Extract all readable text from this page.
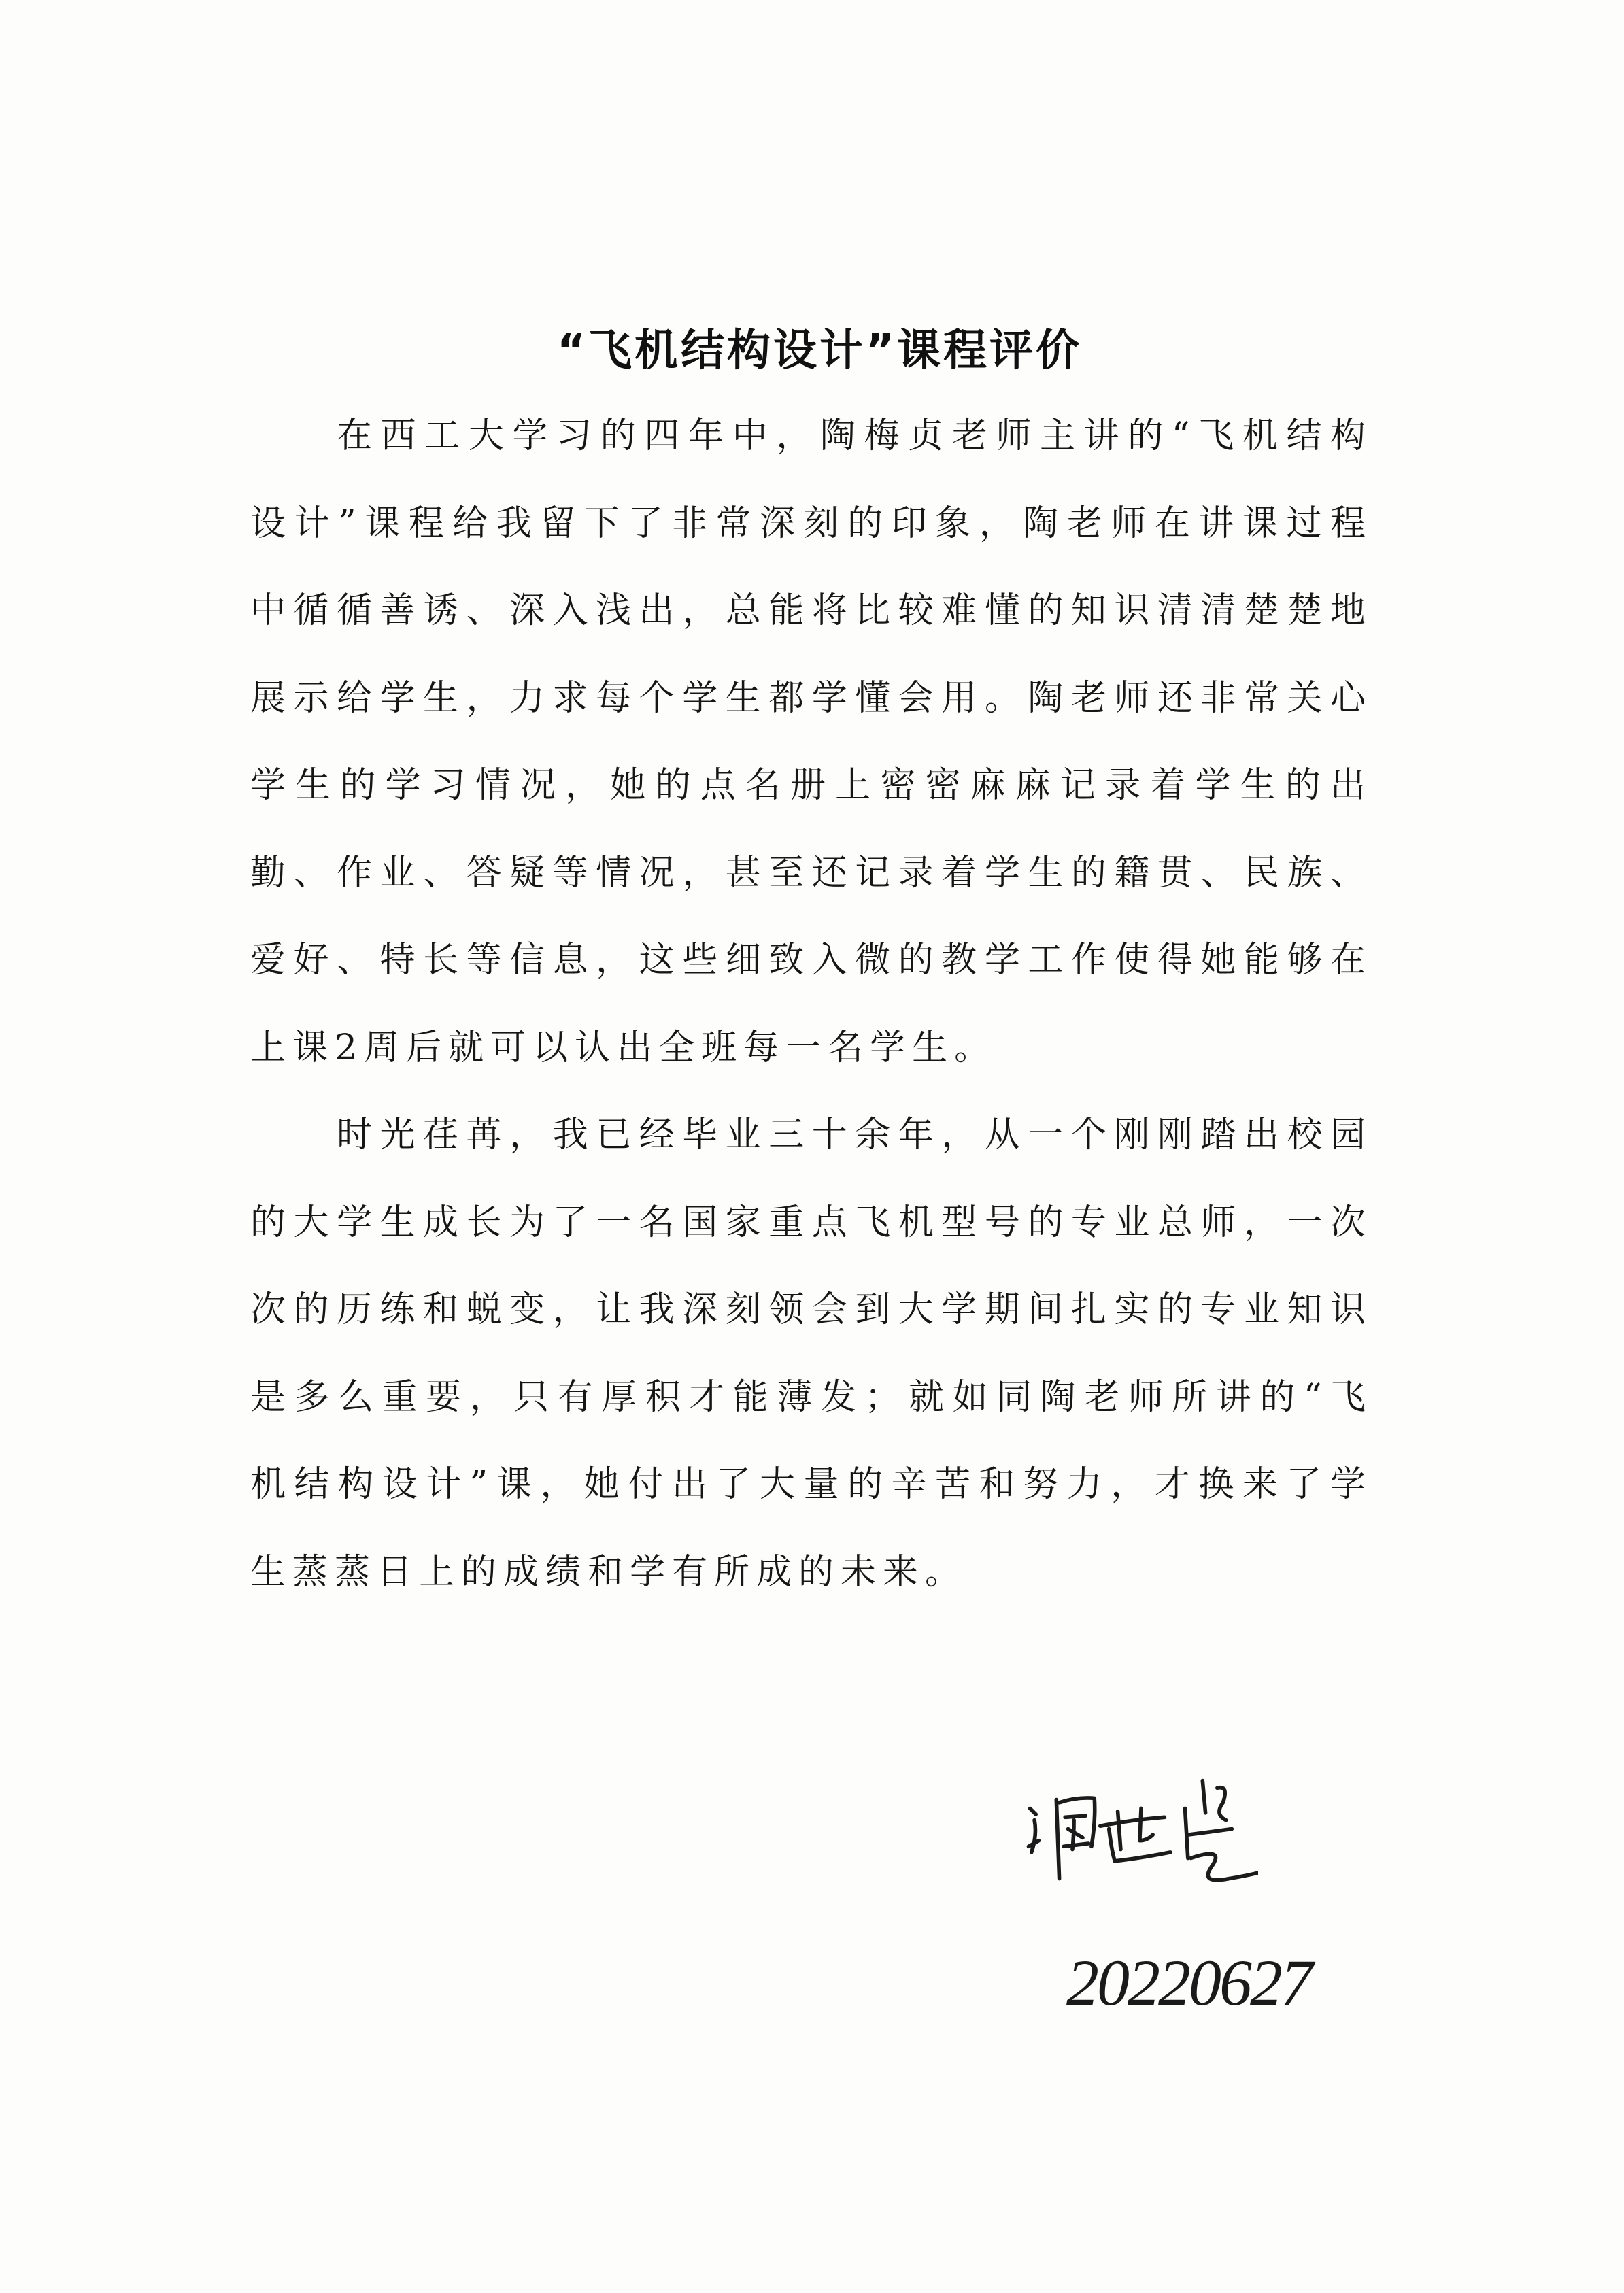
“飞机结构设计”课程评价
在西工大学习的四年中，陶梅贞老师主讲的“飞机结构
设计”课程给我留下了非常深刻的印象，陶老师在讲课过程
中循循善诱、深入浅出，总能将比较难懂的知识清清楚楚地
展示给学生，力求每个学生都学懂会用。陶老师还非常关心
学生的学习情况，她的点名册上密密麻麻记录着学生的出
勤、作业、答疑等情况，甚至还记录着学生的籍贯、民族、
爱好、特长等信息，这些细致入微的教学工作使得她能够在
上课2周后就可以认出全班每一名学生。
时光荏苒，我已经毕业三十余年，从一个刚刚踏出校园
的大学生成长为了一名国家重点飞机型号的专业总师，一次
次的历练和蜕变，让我深刻领会到大学期间扎实的专业知识
是多么重要，只有厚积才能薄发；就如同陶老师所讲的“飞
机结构设计”课，她付出了大量的辛苦和努力，才换来了学
生蒸蒸日上的成绩和学有所成的未来。
20220627
